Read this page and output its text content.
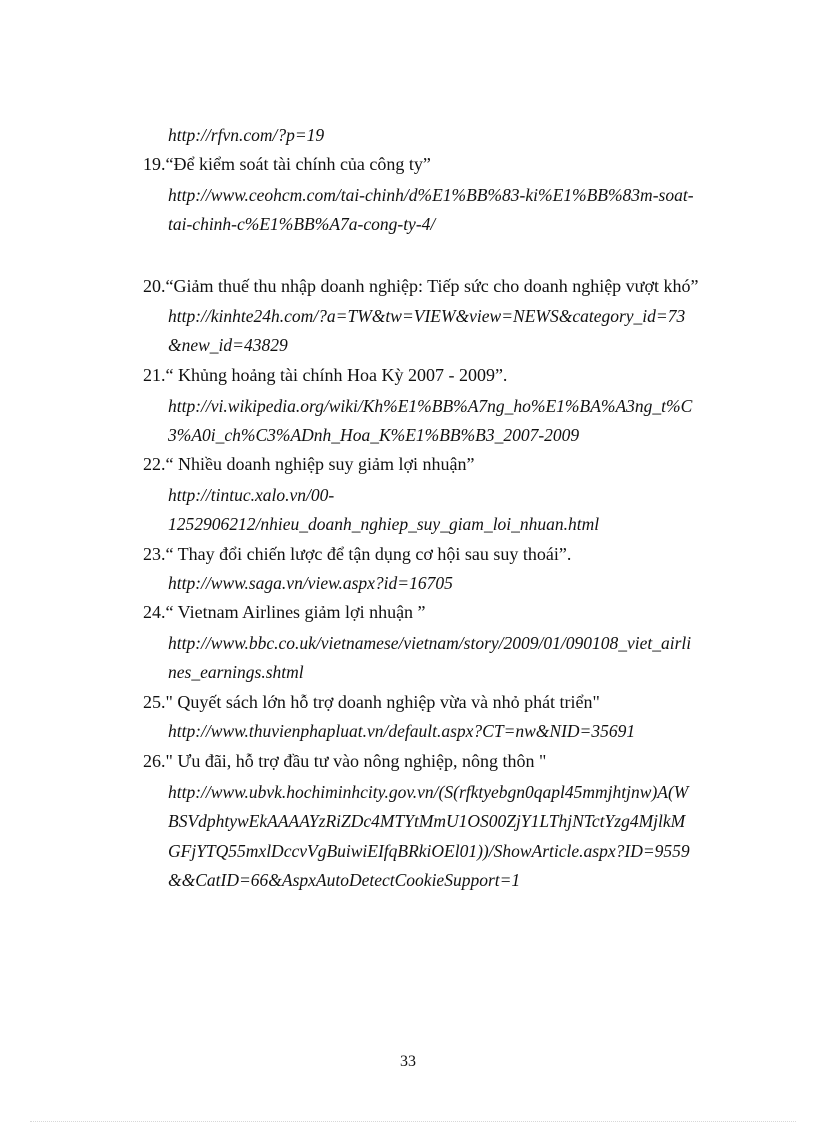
http://rfvn.com/?p=19
19.“Để kiểm soát tài chính của công ty”
http://www.ceohcm.com/tai-chinh/d%E1%BB%83-ki%E1%BB%83m-soat-
tai-chinh-c%E1%BB%A7a-cong-ty-4/
20.“Giảm thuế thu nhập doanh nghiệp: Tiếp sức cho doanh nghiệp vượt khó”
http://kinhte24h.com/?a=TW&tw=VIEW&view=NEWS&category_id=73
&new_id=43829
21.“ Khủng hoảng tài chính Hoa Kỳ 2007 - 2009”.
http://vi.wikipedia.org/wiki/Kh%E1%BB%A7ng_ho%E1%BA%A3ng_t%C
3%A0i_ch%C3%ADnh_Hoa_K%E1%BB%B3_2007-2009
22.“ Nhiều doanh nghiệp suy giảm lợi nhuận”
http://tintuc.xalo.vn/00-
1252906212/nhieu_doanh_nghiep_suy_giam_loi_nhuan.html
23.“ Thay đổi chiến lược để tận dụng cơ hội sau suy thoái”.
http://www.saga.vn/view.aspx?id=16705
24.“ Vietnam Airlines giảm lợi nhuận ”
http://www.bbc.co.uk/vietnamese/vietnam/story/2009/01/090108_viet_airli
nes_earnings.shtml
25." Quyết sách lớn hỗ trợ doanh nghiệp vừa và nhỏ phát triển"
http://www.thuvienphapluat.vn/default.aspx?CT=nw&NID=35691
26." Ưu đãi, hỗ trợ đầu tư vào nông nghiệp, nông thôn "
http://www.ubvk.hochiminhcity.gov.vn/(S(rfktyebgn0qapl45mmjhtjnw)A(W
BSVdphtywEkAAAAYzRiZDc4MTYtMmU1OS00ZjY1LThjNTctYzg4MjlkM
GFjYTQ55mxlDccvVgBuiwiEIfqBRkiOEl01))/ShowArticle.aspx?ID=9559
&&CatID=66&AspxAutoDetectCookieSupport=1
33
